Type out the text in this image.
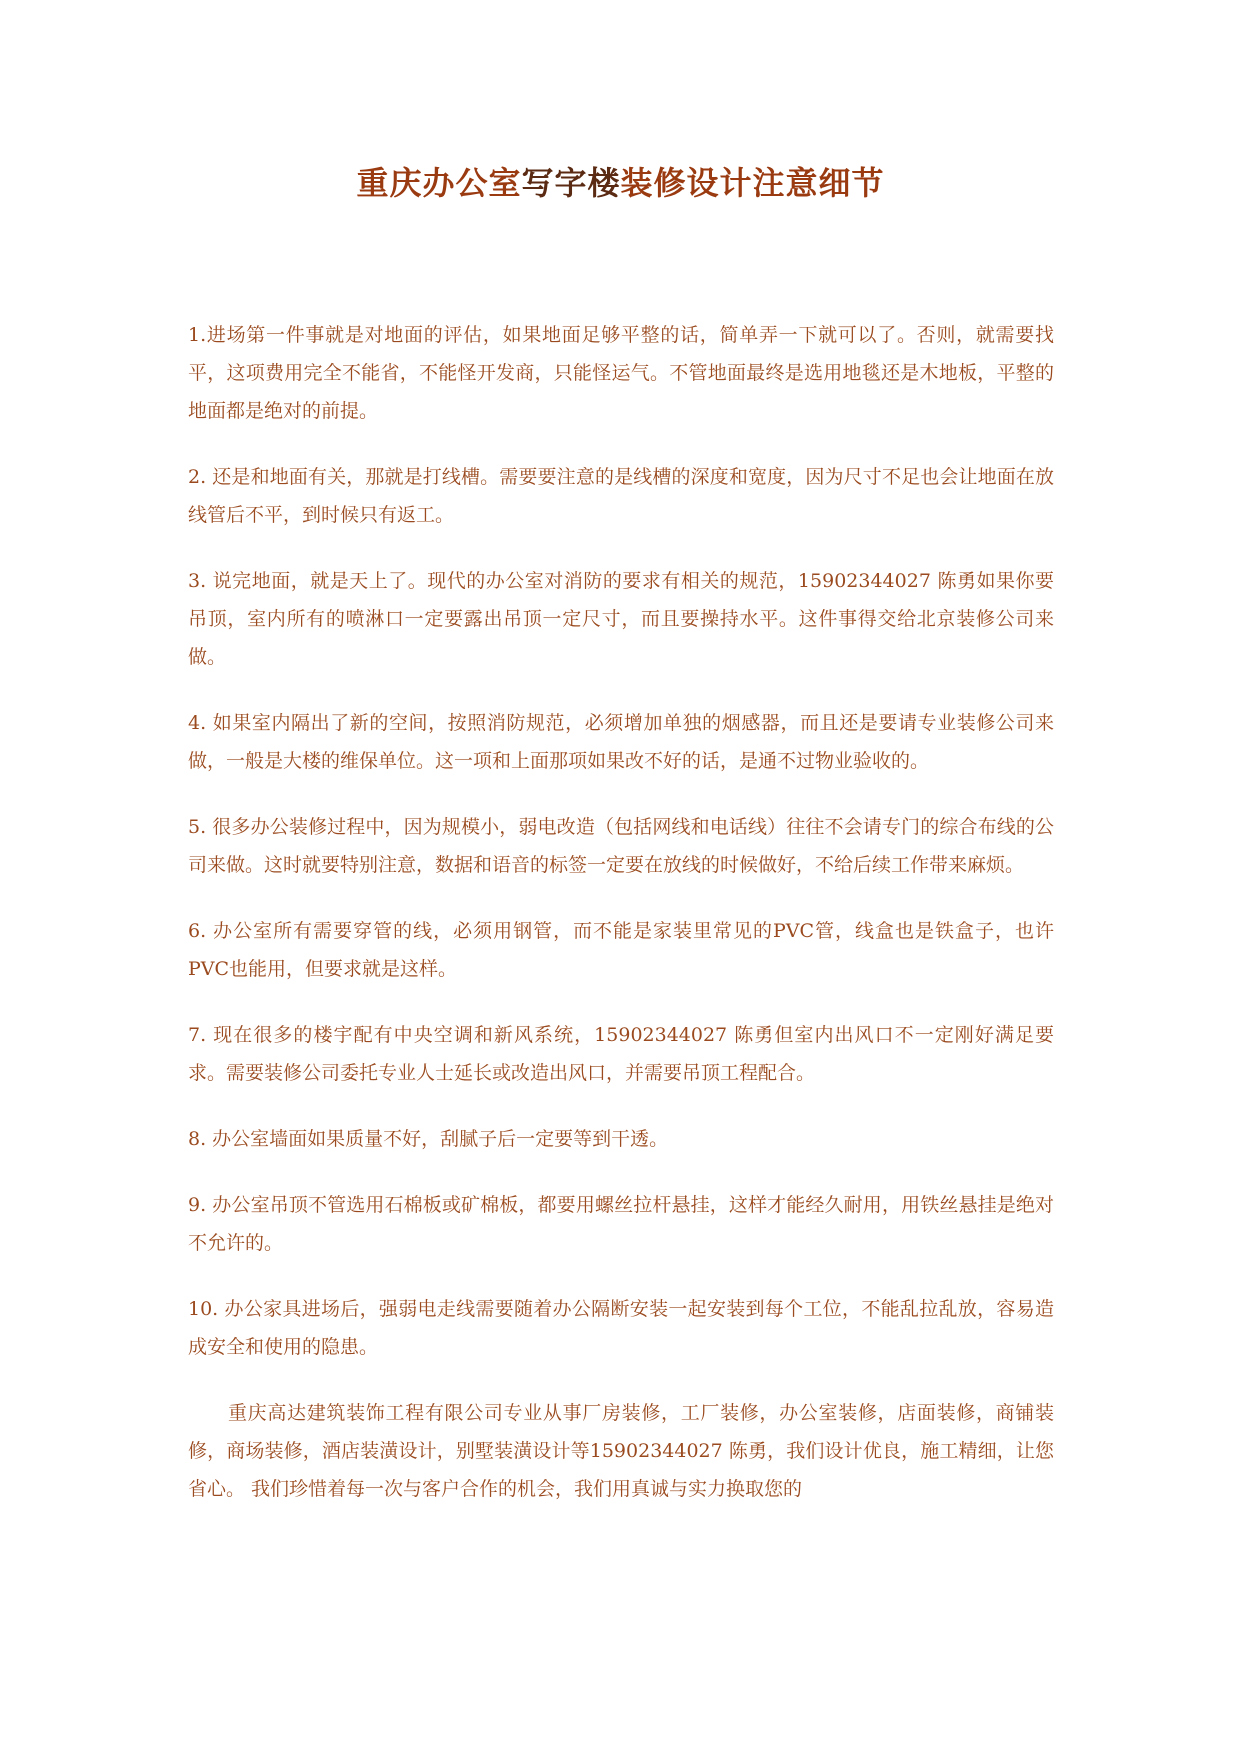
重庆办公室写字楼装修设计注意细节

1.进场第一件事就是对地面的评估，如果地面足够平整的话，简单弄一下就可以了。否则，就需要找平，这项费用完全不能省，不能怪开发商，只能怪运气。不管地面最终是选用地毯还是木地板，平整的地面都是绝对的前提。

2. 还是和地面有关，那就是打线槽。需要要注意的是线槽的深度和宽度，因为尺寸不足也会让地面在放线管后不平，到时候只有返工。

3. 说完地面，就是天上了。现代的办公室对消防的要求有相关的规范，15902344027 陈勇如果你要吊顶，室内所有的喷淋口一定要露出吊顶一定尺寸，而且要操持水平。这件事得交给北京装修公司来做。

4. 如果室内隔出了新的空间，按照消防规范，必须增加单独的烟感器，而且还是要请专业装修公司来做，一般是大楼的维保单位。这一项和上面那项如果改不好的话，是通不过物业验收的。

5. 很多办公装修过程中，因为规模小，弱电改造（包括网线和电话线）往往不会请专门的综合布线的公司来做。这时就要特别注意，数据和语音的标签一定要在放线的时候做好，不给后续工作带来麻烦。

6. 办公室所有需要穿管的线，必须用钢管，而不能是家装里常见的PVC管，线盒也是铁盒子，也许PVC也能用，但要求就是这样。

7. 现在很多的楼宇配有中央空调和新风系统，15902344027 陈勇但室内出风口不一定刚好满足要求。需要装修公司委托专业人士延长或改造出风口，并需要吊顶工程配合。

8. 办公室墙面如果质量不好，刮腻子后一定要等到干透。

9. 办公室吊顶不管选用石棉板或矿棉板，都要用螺丝拉杆悬挂，这样才能经久耐用，用铁丝悬挂是绝对不允许的。

10. 办公家具进场后，强弱电走线需要随着办公隔断安装一起安装到每个工位，不能乱拉乱放，容易造成安全和使用的隐患。

重庆高达建筑装饰工程有限公司专业从事厂房装修，工厂装修，办公室装修，店面装修，商铺装修，商场装修，酒店装潢设计，别墅装潢设计等15902344027 陈勇，我们设计优良，施工精细，让您省心。 我们珍惜着每一次与客户合作的机会，我们用真诚与实力换取您的
